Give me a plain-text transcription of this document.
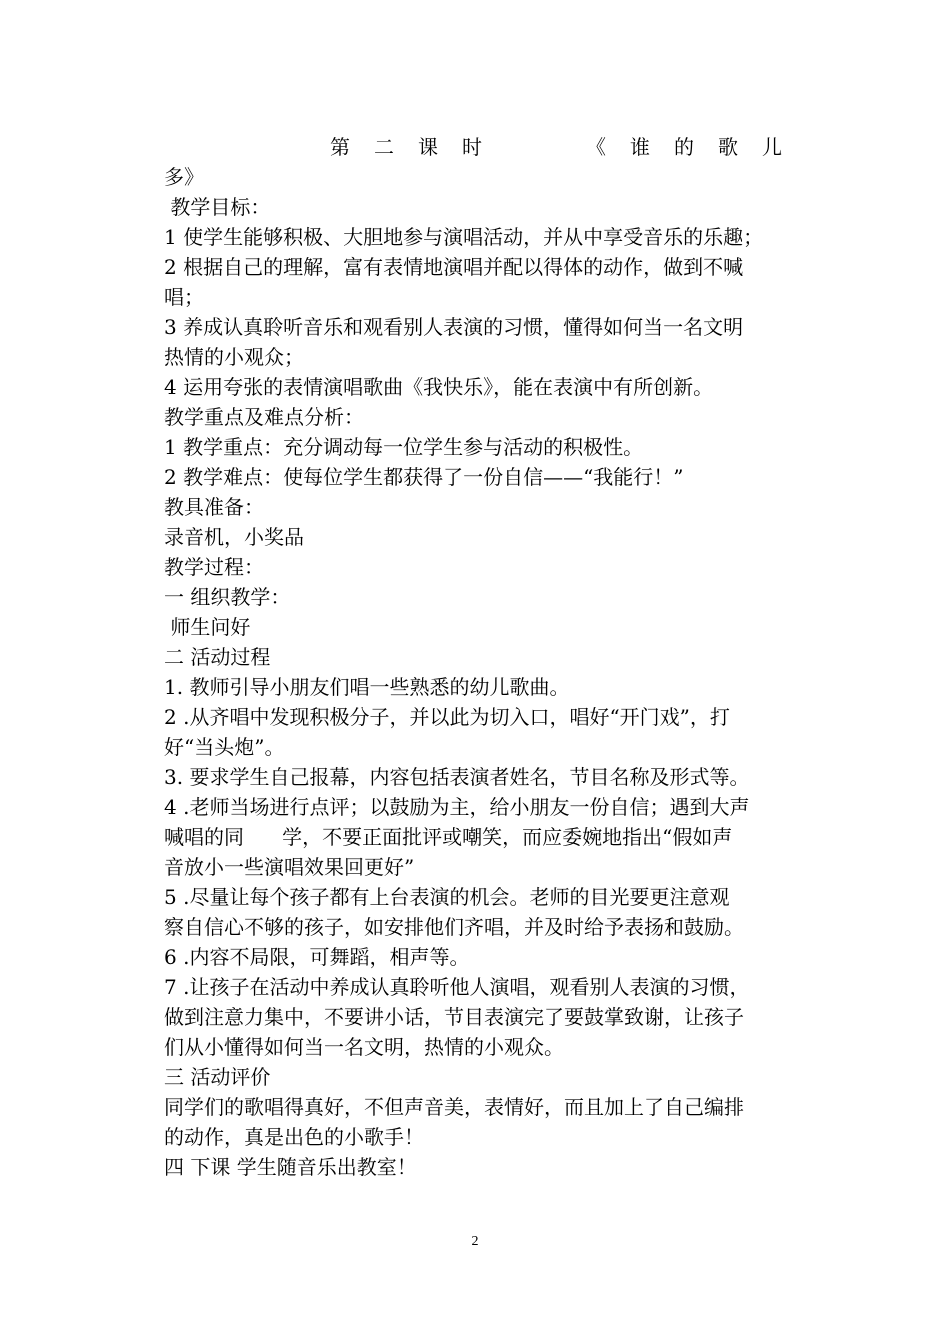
第 二 课 时	《 谁 的 歌 儿
多》
教学目标：
1 使学生能够积极、大胆地参与演唱活动，并从中享受音乐的乐趣；
2 根据自己的理解，富有表情地演唱并配以得体的动作，做到不喊
唱；
3 养成认真聆听音乐和观看别人表演的习惯，懂得如何当一名文明
热情的小观众；
4 运用夸张的表情演唱歌曲《我快乐》，能在表演中有所创新。
教学重点及难点分析：
1 教学重点：充分调动每一位学生参与活动的积极性。
2 教学难点：使每位学生都获得了一份自信——“我能行！”
教具准备：
录音机，小奖品
教学过程：
一 组织教学：
师生问好
二 活动过程
1. 教师引导小朋友们唱一些熟悉的幼儿歌曲。
2 .从齐唱中发现积极分子，并以此为切入口，唱好“开门戏”，打
好“当头炮”。
3. 要求学生自己报幕，内容包括表演者姓名，节目名称及形式等。
4 .老师当场进行点评；以鼓励为主，给小朋友一份自信；遇到大声
喊唱的同      学，不要正面批评或嘲笑，而应委婉地指出“假如声
音放小一些演唱效果回更好”
5 .尽量让每个孩子都有上台表演的机会。老师的目光要更注意观
察自信心不够的孩子，如安排他们齐唱，并及时给予表扬和鼓励。
6 .内容不局限，可舞蹈，相声等。
7 .让孩子在活动中养成认真聆听他人演唱，观看别人表演的习惯，
做到注意力集中，不要讲小话，节目表演完了要鼓掌致谢，让孩子
们从小懂得如何当一名文明，热情的小观众。
三 活动评价
同学们的歌唱得真好，不但声音美，表情好，而且加上了自己编排
的动作，真是出色的小歌手！
四 下课 学生随音乐出教室！
2
